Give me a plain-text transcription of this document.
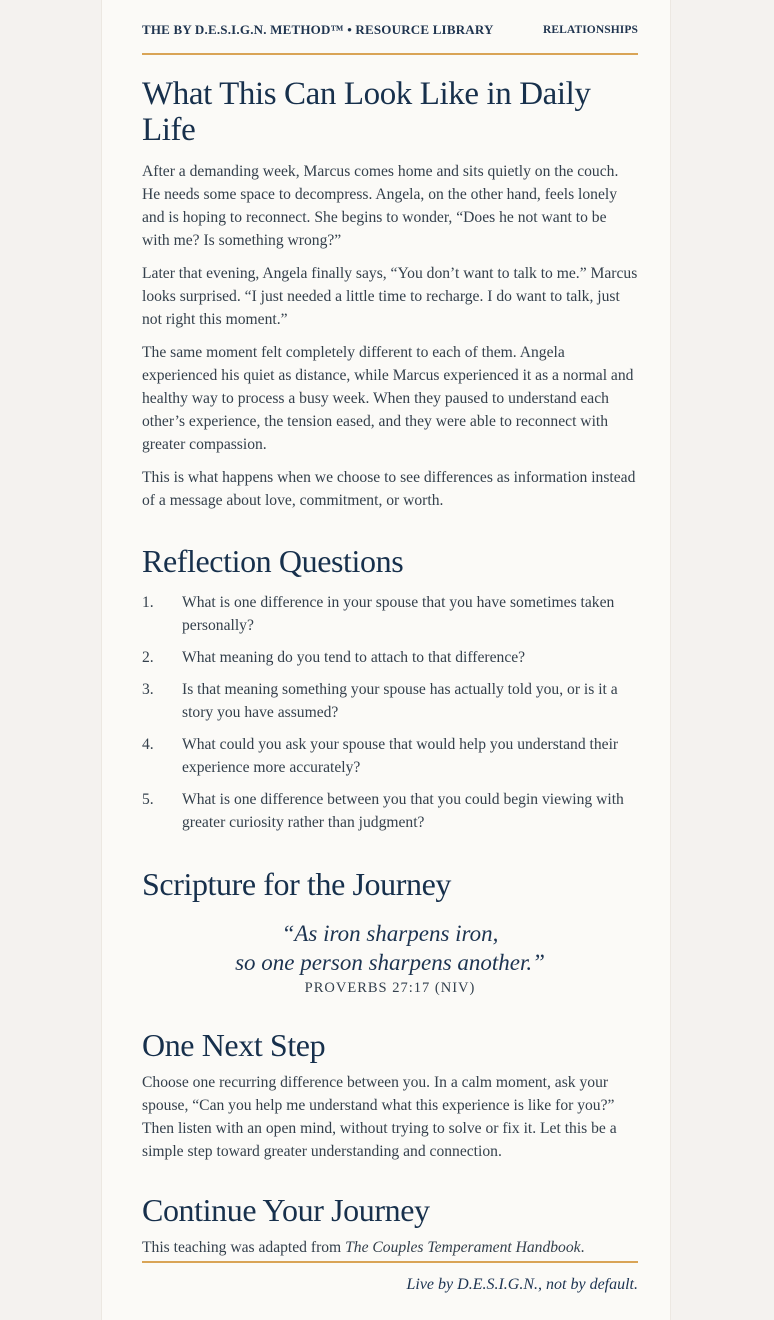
THE BY D.E.S.I.G.N. METHOD™ • RESOURCE LIBRARY	RELATIONSHIPS
What This Can Look Like in Daily Life

After a demanding week, Marcus comes home and sits quietly on the couch. He needs some space to decompress. Angela, on the other hand, feels lonely and is hoping to reconnect. She begins to wonder, “Does he not want to be with me? Is something wrong?”

Later that evening, Angela finally says, “You don’t want to talk to me.” Marcus looks surprised. “I just needed a little time to recharge. I do want to talk, just not right this moment.”

The same moment felt completely different to each of them. Angela experienced his quiet as distance, while Marcus experienced it as a normal and healthy way to process a busy week. When they paused to understand each other’s experience, the tension eased, and they were able to reconnect with greater compassion.

This is what happens when we choose to see differences as information instead of a message about love, commitment, or worth.

Reflection Questions
1.	What is one difference in your spouse that you have sometimes taken personally?
2.	What meaning do you tend to attach to that difference?
3.	Is that meaning something your spouse has actually told you, or is it a story you have assumed?
4.	What could you ask your spouse that would help you understand their experience more accurately?
5.	What is one difference between you that you could begin viewing with greater curiosity rather than judgment?
Scripture for the Journey
“As iron sharpens iron,
so one person sharpens another.”
PROVERBS 27:17 (NIV)
One Next Step

Choose one recurring difference between you. In a calm moment, ask your spouse, “Can you help me understand what this experience is like for you?” Then listen with an open mind, without trying to solve or fix it. Let this be a simple step toward greater understanding and connection.

Continue Your Journey

This teaching was adapted from The Couples Temperament Handbook.

Live by D.E.S.I.G.N., not by default.
